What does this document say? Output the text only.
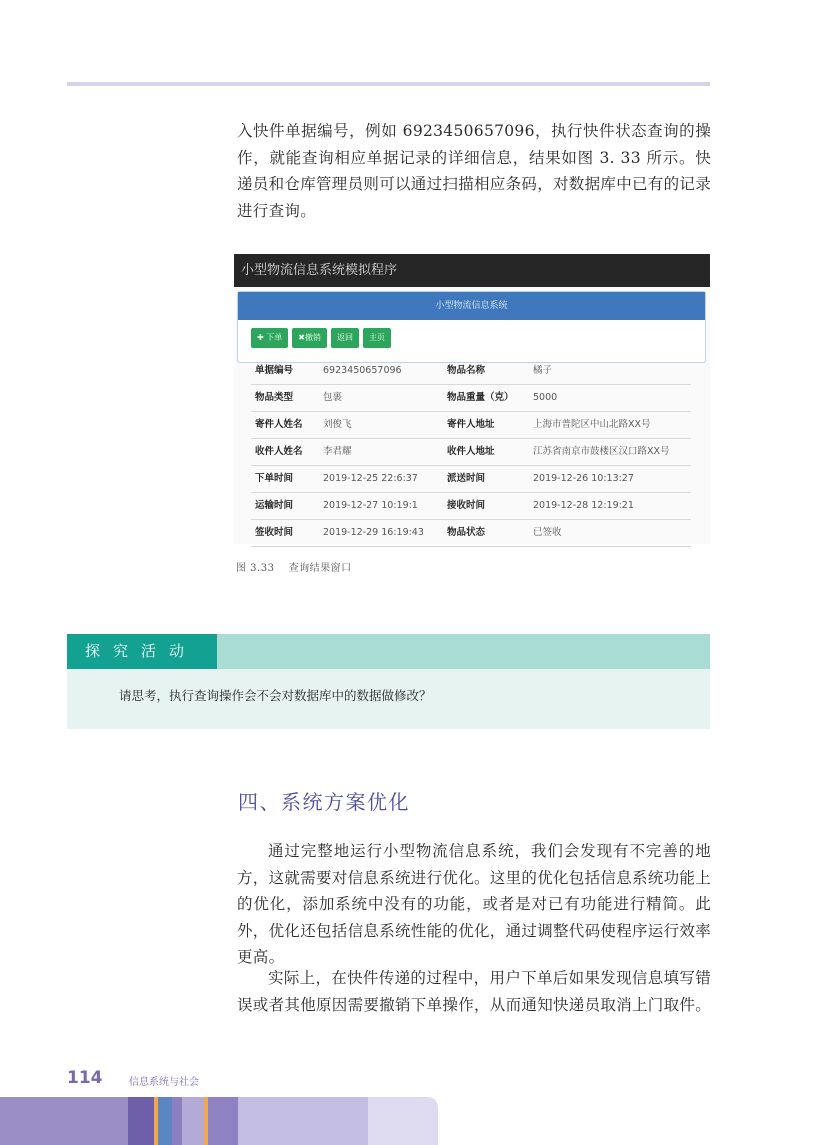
入快件单据编号，例如 6923450657096，执行快件状态查询的操作，就能查询相应单据记录的详细信息，结果如图 3. 33 所示。快递员和仓库管理员则可以通过扫描相应条码，对数据库中已有的记录进行查询。

小型物流信息系统模拟程序
小型物流信息系统
✚ 下单	✖撤销	返回	主页
单据编号	6923450657096	物品名称	橘子
物品类型	包裹	物品重量（克） 5000
寄件人姓名 刘俊飞	寄件人地址	上海市普陀区中山北路XX号
收件人姓名 李君耀	收件人地址	江苏省南京市鼓楼区汉口路XX号
下单时间	2019-12-25 22:6:37	派送时间	2019-12-26 10:13:27
运输时间	2019-12-27 10:19:1	接收时间	2019-12-28 12:19:21
签收时间	2019-12-29 16:19:43 物品状态	已签收
图 3.33　 查询结果窗口
探究活动
请思考，执行查询操作会不会对数据库中的数据做修改？
四、系统方案优化

通过完整地运行小型物流信息系统，我们会发现有不完善的地方，这就需要对信息系统进行优化。这里的优化包括信息系统功能上的优化，添加系统中没有的功能，或者是对已有功能进行精简。此外，优化还包括信息系统性能的优化，通过调整代码使程序运行效率更高。

实际上，在快件传递的过程中，用户下单后如果发现信息填写错误或者其他原因需要撤销下单操作，从而通知快递员取消上门取件。

114	信息系统与社会
